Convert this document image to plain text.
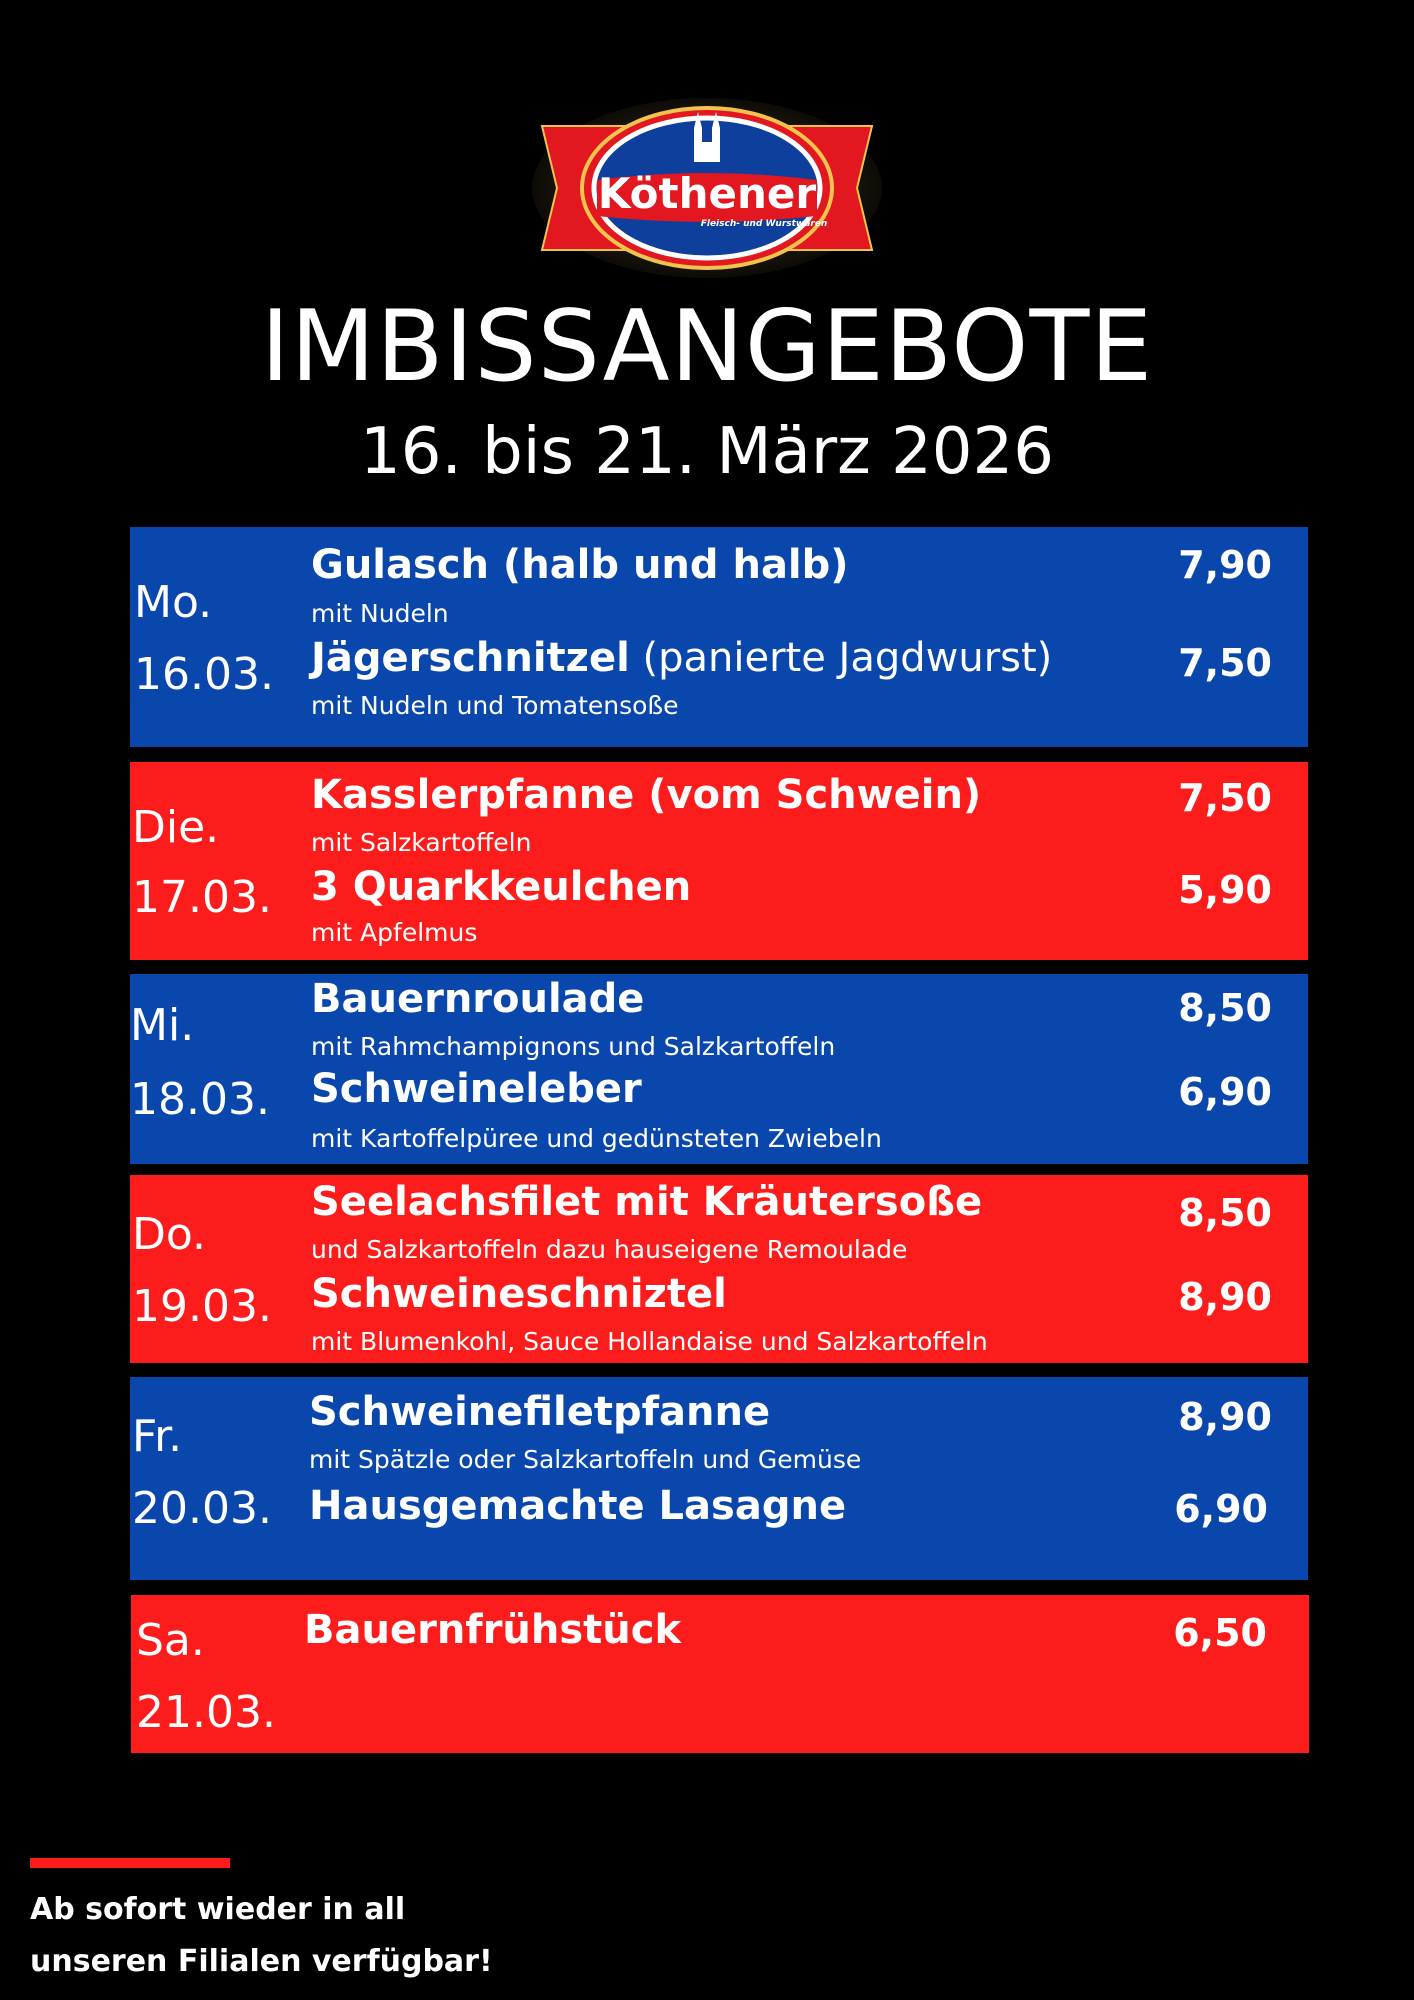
Köthener
Fleisch- und Wurstwaren
IMBISSANGEBOTE
16. bis 21. März 2026
Mo.
16.03.
Gulasch (halb und halb)
mit Nudeln
7,90
Jägerschnitzel (panierte Jagdwurst)
mit Nudeln und Tomatensoße
7,50
Die.
17.03.
Kasslerpfanne (vom Schwein)
mit Salzkartoffeln
7,50
3 Quarkkeulchen
mit Apfelmus
5,90
Mi.
18.03.
Bauernroulade
mit Rahmchampignons und Salzkartoffeln
8,50
Schweineleber
mit Kartoffelpüree und gedünsteten Zwiebeln
6,90
Do.
19.03.
Seelachsfilet mit Kräutersoße
und Salzkartoffeln dazu hauseigene Remoulade
8,50
Schweineschniztel
mit Blumenkohl, Sauce Hollandaise und Salzkartoffeln
8,90
Fr.
20.03.
Schweinefiletpfanne
mit Spätzle oder Salzkartoffeln und Gemüse
8,90
Hausgemachte Lasagne	6,90
Sa.
21.03.
Bauernfrühstück	6,50
Ab sofort wieder in all
unseren Filialen verfügbar!
